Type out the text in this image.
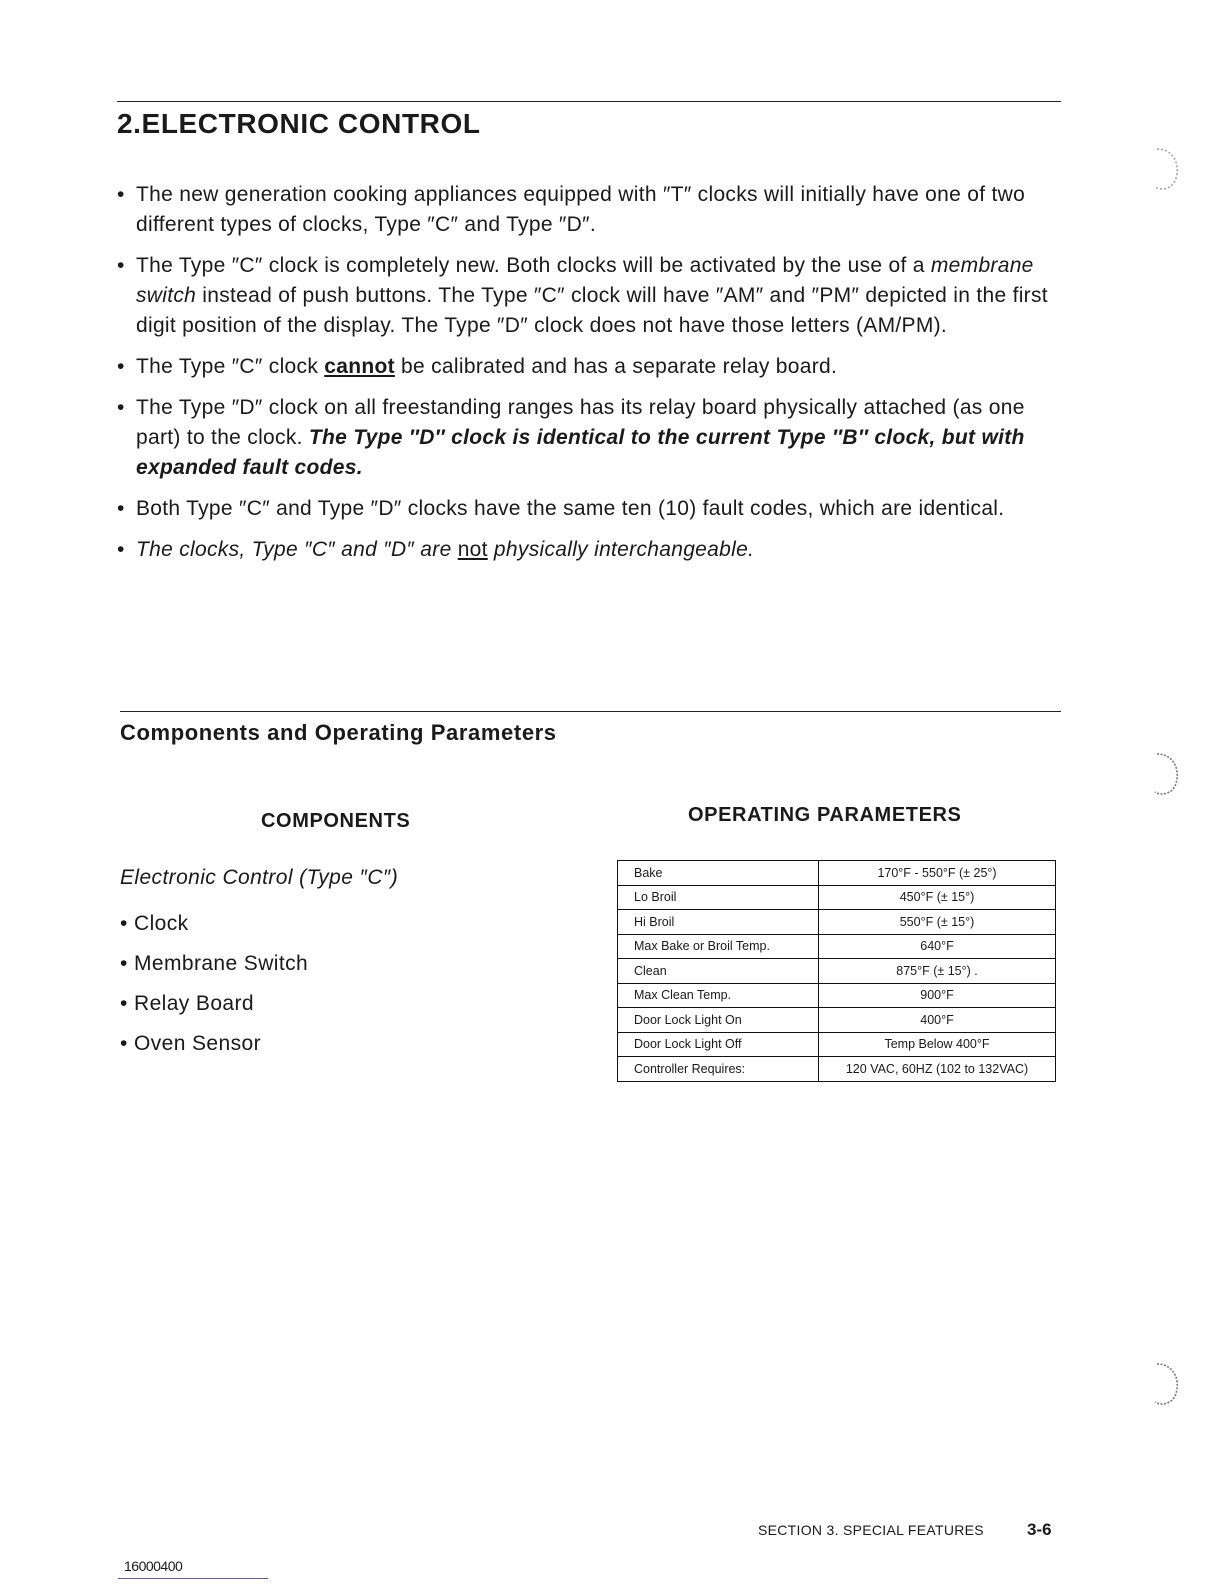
2.ELECTRONIC CONTROL
• The new generation cooking appliances equipped with ″T″ clocks will initially have one of two different types of clocks, Type ″C″ and Type ″D″.
• The Type ″C″ clock is completely new. Both clocks will be activated by the use of a membrane switch instead of push buttons. The Type ″C″ clock will have ″AM″ and ″PM″ depicted in the first digit position of the display. The Type ″D″ clock does not have those letters (AM/PM).
• The Type ″C″ clock cannot be calibrated and has a separate relay board.
• The Type ″D″ clock on all freestanding ranges has its relay board physically attached (as one part) to the clock. The Type ″D″ clock is identical to the current Type ″B″ clock, but with expanded fault codes.
• Both Type ″C″ and Type ″D″ clocks have the same ten (10) fault codes, which are identical.
• The clocks, Type ″C″ and ″D″ are not physically interchangeable.
Components and Operating Parameters
COMPONENTS	OPERATING PARAMETERS
Electronic Control (Type ″C″)
• Clock
• Membrane Switch
• Relay Board
• Oven Sensor
Bake	170°F - 550°F (± 25°)
Lo Broil	450°F (± 15°)
Hi Broil	550°F (± 15°)
Max Bake or Broil Temp.	640°F
Clean	875°F (± 15°) .
Max Clean Temp.	900°F
Door Lock Light On	400°F
Door Lock Light Off	Temp Below 400°F
Controller Requires:	120 VAC, 60HZ (102 to 132VAC)
16000400
SECTION 3. SPECIAL FEATURES	3-6
